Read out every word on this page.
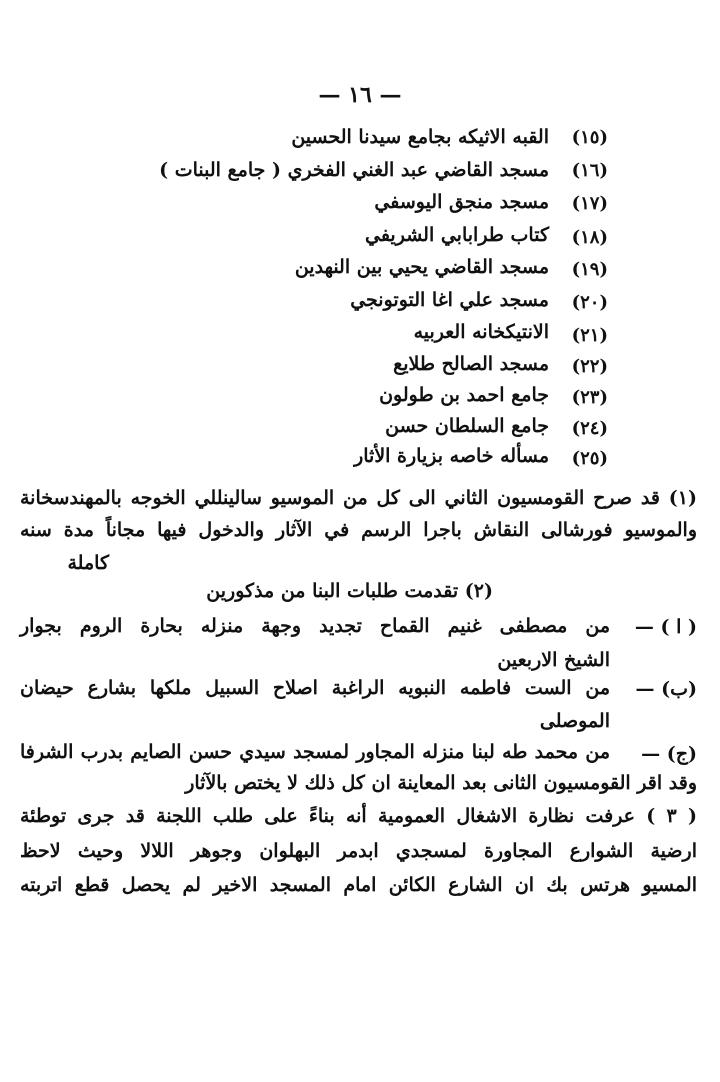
— ١٦ —
(١٥)
القبه الاثيكه بجامع سيدنا الحسين
(١٦)
مسجد القاضي عبد الغني الفخري ( جامع البنات )
(١٧)
مسجد منجق اليوسفي
(١٨)
كتاب طرابابي الشريفي
(١٩)
مسجد القاضي يحيي بين النهدين
(٢٠)
مسجد علي اغا التوتونجي
(٢١)
الانتيكخانه العربيه
(٢٢)
مسجد الصالح طلايع
(٢٣)
جامع احمد بن طولون
(٢٤)
جامع السلطان حسن
(٢٥)
مسأله خاصه بزيارة الأثار
(١) قد صرح القومسيون الثاني الى كل من الموسيو سالينللي الخوجه بالمهندسخانة
والموسيو فورشالى النقاش باجرا الرسم في الآثار والدخول فيها مجاناً مدة سنه
كاملة
(٢) تقدمت طلبات البنا من مذكورين
( ا ) —
من مصطفى غنيم القماح تجديد وجهة منزله بحارة الروم بجوار
الشيخ الاربعين
(ب) —
من الست فاطمه النبويه الراغبة اصلاح السبيل ملكها بشارع حيضان
الموصلى
(ج) —
من محمد طه لبنا منزله المجاور لمسجد سيدي حسن الصايم بدرب الشرفا
وقد اقر القومسيون الثانى بعد المعاينة ان كل ذلك لا يختص بالآثار
( ٣ ) عرفت نظارة الاشغال العمومية أنه بناءً على طلب اللجنة قد جرى توطئة
ارضية الشوارع المجاورة لمسجدي ابدمر البهلوان وجوهر اللالا وحيث لاحظ
المسيو هرتس بك ان الشارع الكائن امام المسجد الاخير لم يحصل قطع اتربته
